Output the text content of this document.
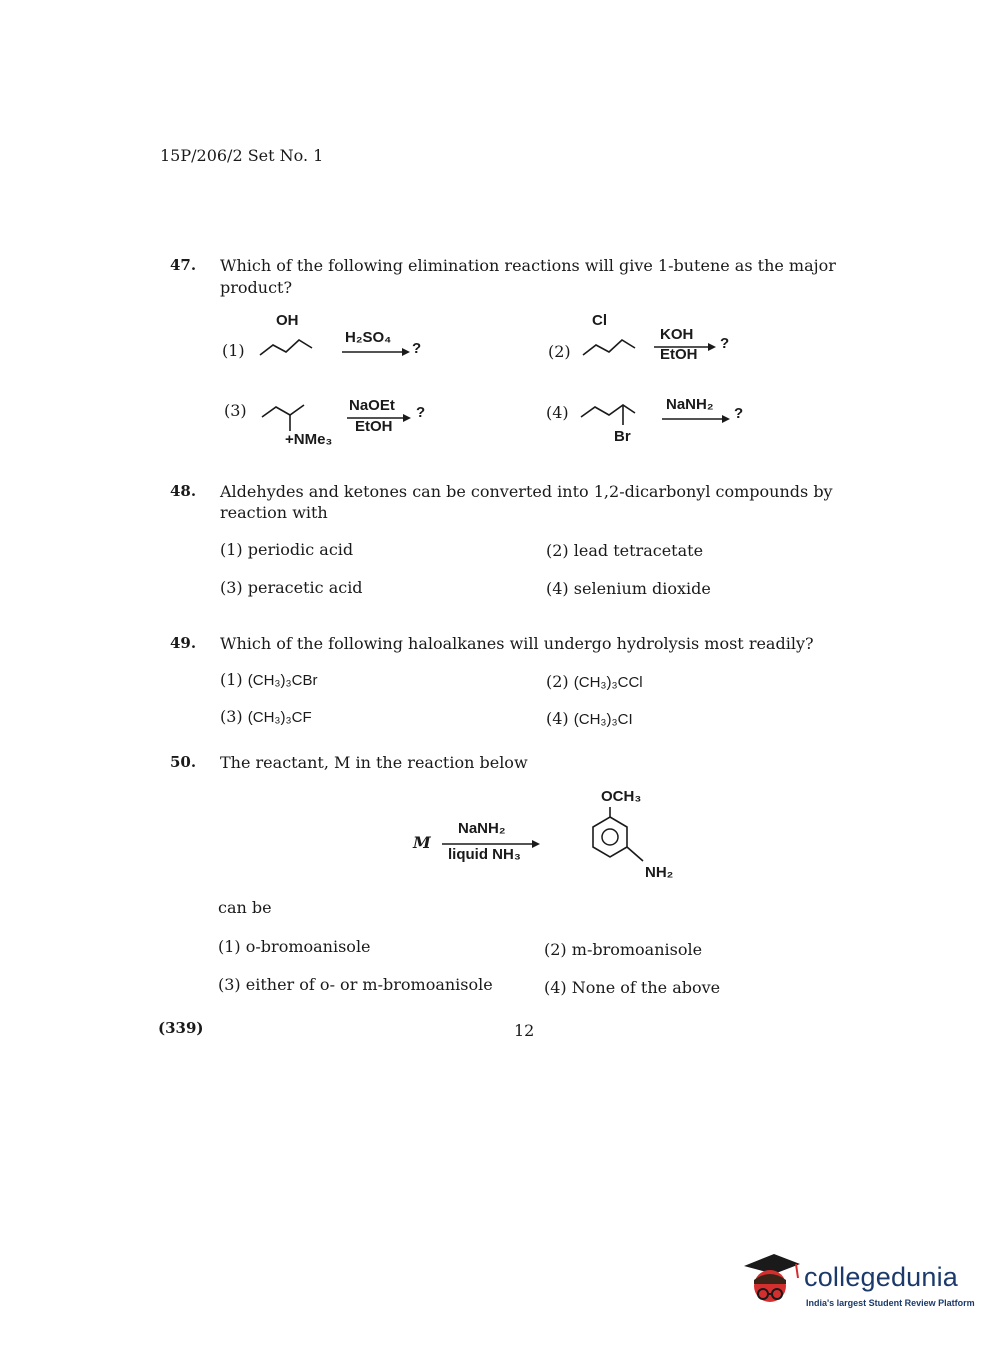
15P/206/2 Set No. 1
47. Which of the following elimination reactions will give 1-butene as the major
product?
(1)
OH
H₂SO₄
?	(2)
Cl
KOH
EtOH
?
(3)
+NMe₃
NaOEt
EtOH
?	(4)
Br
NaNH₂
?
48. Aldehydes and ketones can be converted into 1,2-dicarbonyl compounds by
reaction with
(1) periodic acid	(2) lead tetracetate
(3) peracetic acid	(4) selenium dioxide
49. Which of the following haloalkanes will undergo hydrolysis most readily?
(1) (CH₃)₃CBr	(2) (CH₃)₃CCl
(3) (CH₃)₃CF	(4) (CH₃)₃CI
50. The reactant, M in the reaction below
M
NaNH₂
liquid NH₃
OCH₃
NH₂
can be
(1) o-bromoanisole	(2) m-bromoanisole
(3) either of o- or m-bromoanisole	(4) None of the above
(339)	12
collegedunia
India's largest Student Review Platform
